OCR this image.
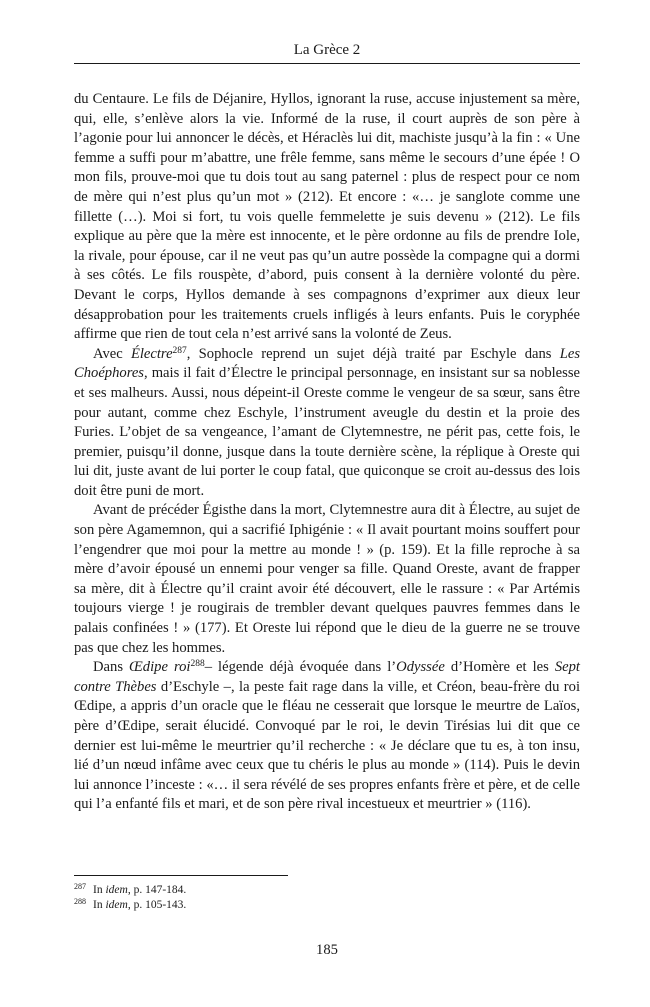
La Grèce 2

du Centaure. Le fils de Déjanire, Hyllos, ignorant la ruse, accuse injustement sa mère, qui, elle, s’enlève alors la vie. Informé de la ruse, il court auprès de son père à l’agonie pour lui annoncer le décès, et Héraclès lui dit, machiste jusqu’à la fin : « Une femme a suffi pour m’abattre, une frêle femme, sans même le secours d’une épée ! O mon fils, prouve-moi que tu dois tout au sang paternel : plus de respect pour ce nom de mère qui n’est plus qu’un mot » (212). Et encore : «… je sanglote comme une fillette (…). Moi si fort, tu vois quelle femmelette je suis devenu » (212). Le fils explique au père que la mère est innocente, et le père ordonne au fils de prendre Iole, la rivale, pour épouse, car il ne veut pas qu’un autre possède la compagne qui a dormi à ses côtés. Le fils rouspète, d’abord, puis consent à la dernière volonté du père. Devant le corps, Hyllos demande à ses compagnons d’exprimer aux dieux leur désapprobation pour les traitements cruels infligés à leurs enfants. Puis le coryphée affirme que rien de tout cela n’est arrivé sans la volonté de Zeus.

Avec Électre$^{287}$, Sophocle reprend un sujet déjà traité par Eschyle dans Les Choéphores, mais il fait d’Électre le principal personnage, en insistant sur sa noblesse et ses malheurs. Aussi, nous dépeint-il Oreste comme le vengeur de sa sœur, sans être pour autant, comme chez Eschyle, l’instrument aveugle du destin et la proie des Furies. L’objet de sa vengeance, l’amant de Clytemnestre, ne périt pas, cette fois, le premier, puisqu’il donne, jusque dans la toute dernière scène, la réplique à Oreste qui lui dit, juste avant de lui porter le coup fatal, que quiconque se croit au-dessus des lois doit être puni de mort.

Avant de précéder Égisthe dans la mort, Clytemnestre aura dit à Électre, au sujet de son père Agamemnon, qui a sacrifié Iphigénie : « Il avait pourtant moins souffert pour l’engendrer que moi pour la mettre au monde ! » (p. 159). Et la fille reproche à sa mère d’avoir épousé un ennemi pour venger sa fille. Quand Oreste, avant de frapper sa mère, dit à Électre qu’il craint avoir été découvert, elle le rassure : « Par Artémis toujours vierge ! je rougirais de trembler devant quelques pauvres femmes dans le palais confinées ! » (177). Et Oreste lui répond que le dieu de la guerre ne se trouve pas que chez les hommes.

Dans Œdipe roi$^{288}$– légende déjà évoquée dans l’Odyssée d’Homère et les Sept contre Thèbes d’Eschyle –, la peste fait rage dans la ville, et Créon, beau-frère du roi Œdipe, a appris d’un oracle que le fléau ne cesserait que lorsque le meurtre de Laïos, père d’Œdipe, serait élucidé. Convoqué par le roi, le devin Tirésias lui dit que ce dernier est lui-même le meurtrier qu’il recherche : « Je déclare que tu es, à ton insu, lié d’un nœud infâme avec ceux que tu chéris le plus au monde » (114). Puis le devin lui annonce l’inceste : «… il sera révélé de ses propres enfants frère et père, et de celle qui l’a enfanté fils et mari, et de son père rival incestueux et meurtrier » (116).

$^{287}$ In idem, p. 147-184.

$^{288}$ In idem, p. 105-143.

185
